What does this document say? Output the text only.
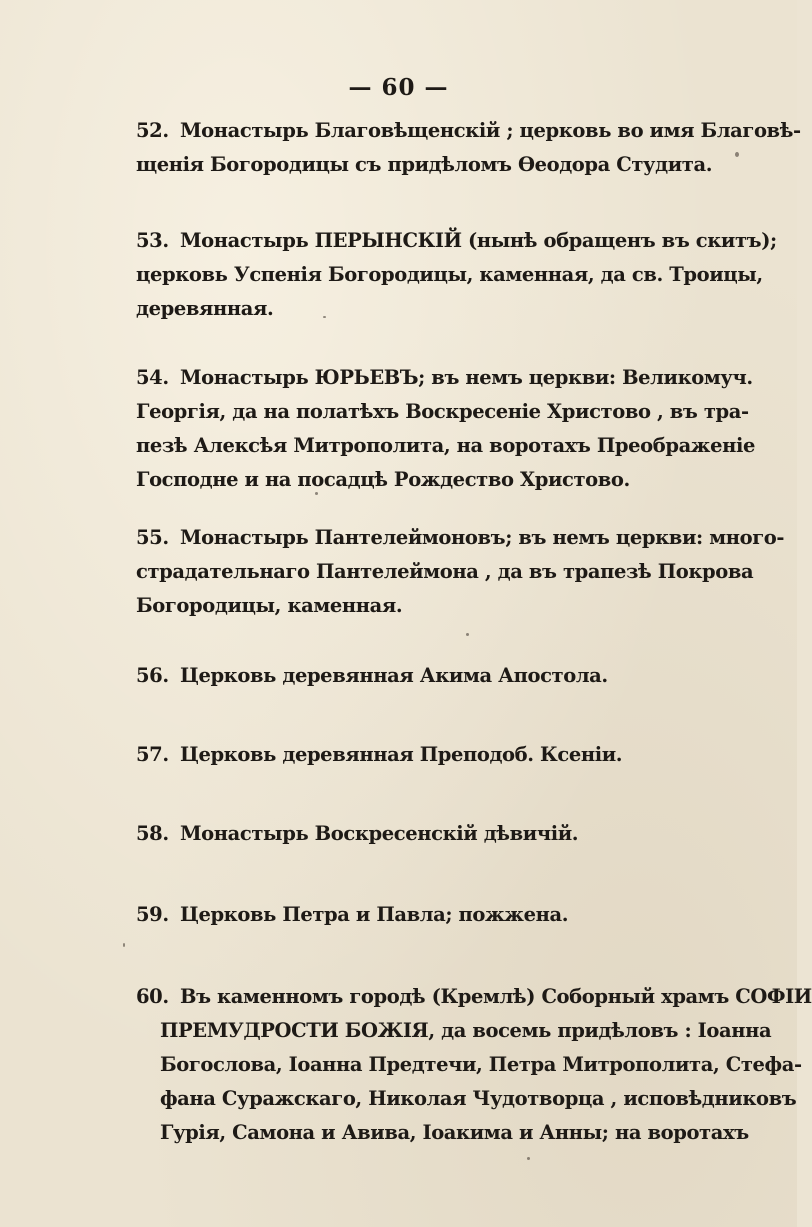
— 60 —
52. Монастырь Благовѣщенскій ; церковь во имя Благовѣ-
щенія Богородицы съ придѣломъ Ѳеодора Студита.
53. Монастырь ПЕРЫНСКІЙ (нынѣ обращенъ въ скитъ);
церковь Успенія Богородицы, каменная, да св. Троицы,
деревянная.
54. Монастырь ЮРЬЕВЪ; въ немъ церкви: Великомуч.
Георгія, да на полатѣхъ Воскресеніе Христово , въ тра-
пезѣ Алексѣя Митрополита, на воротахъ Преображеніе
Господне и на посадцѣ Рождество Христово.
55. Монастырь Пантелеймоновъ; въ немъ церкви: много-
страдательнаго Пантелеймона , да въ трапезѣ Покрова
Богородицы, каменная.
56. Церковь деревянная Акима Апостола.
57. Церковь деревянная Преподоб. Ксеніи.
58. Монастырь Воскресенскій дѣвичій.
59. Церковь Петра и Павла; пожжена.
60. Въ каменномъ городѣ (Кремлѣ) Соборный храмъ СОФІИ
ПРЕМУДРОСТИ БОЖІЯ, да восемь придѣловъ : Іоанна
Богослова, Іоанна Предтечи, Петра Митрополита, Стефа-
фана Суражскаго, Николая Чудотворца , исповѣдниковъ
Гурія, Самона и Авива, Іоакима и Анны; на воротахъ
